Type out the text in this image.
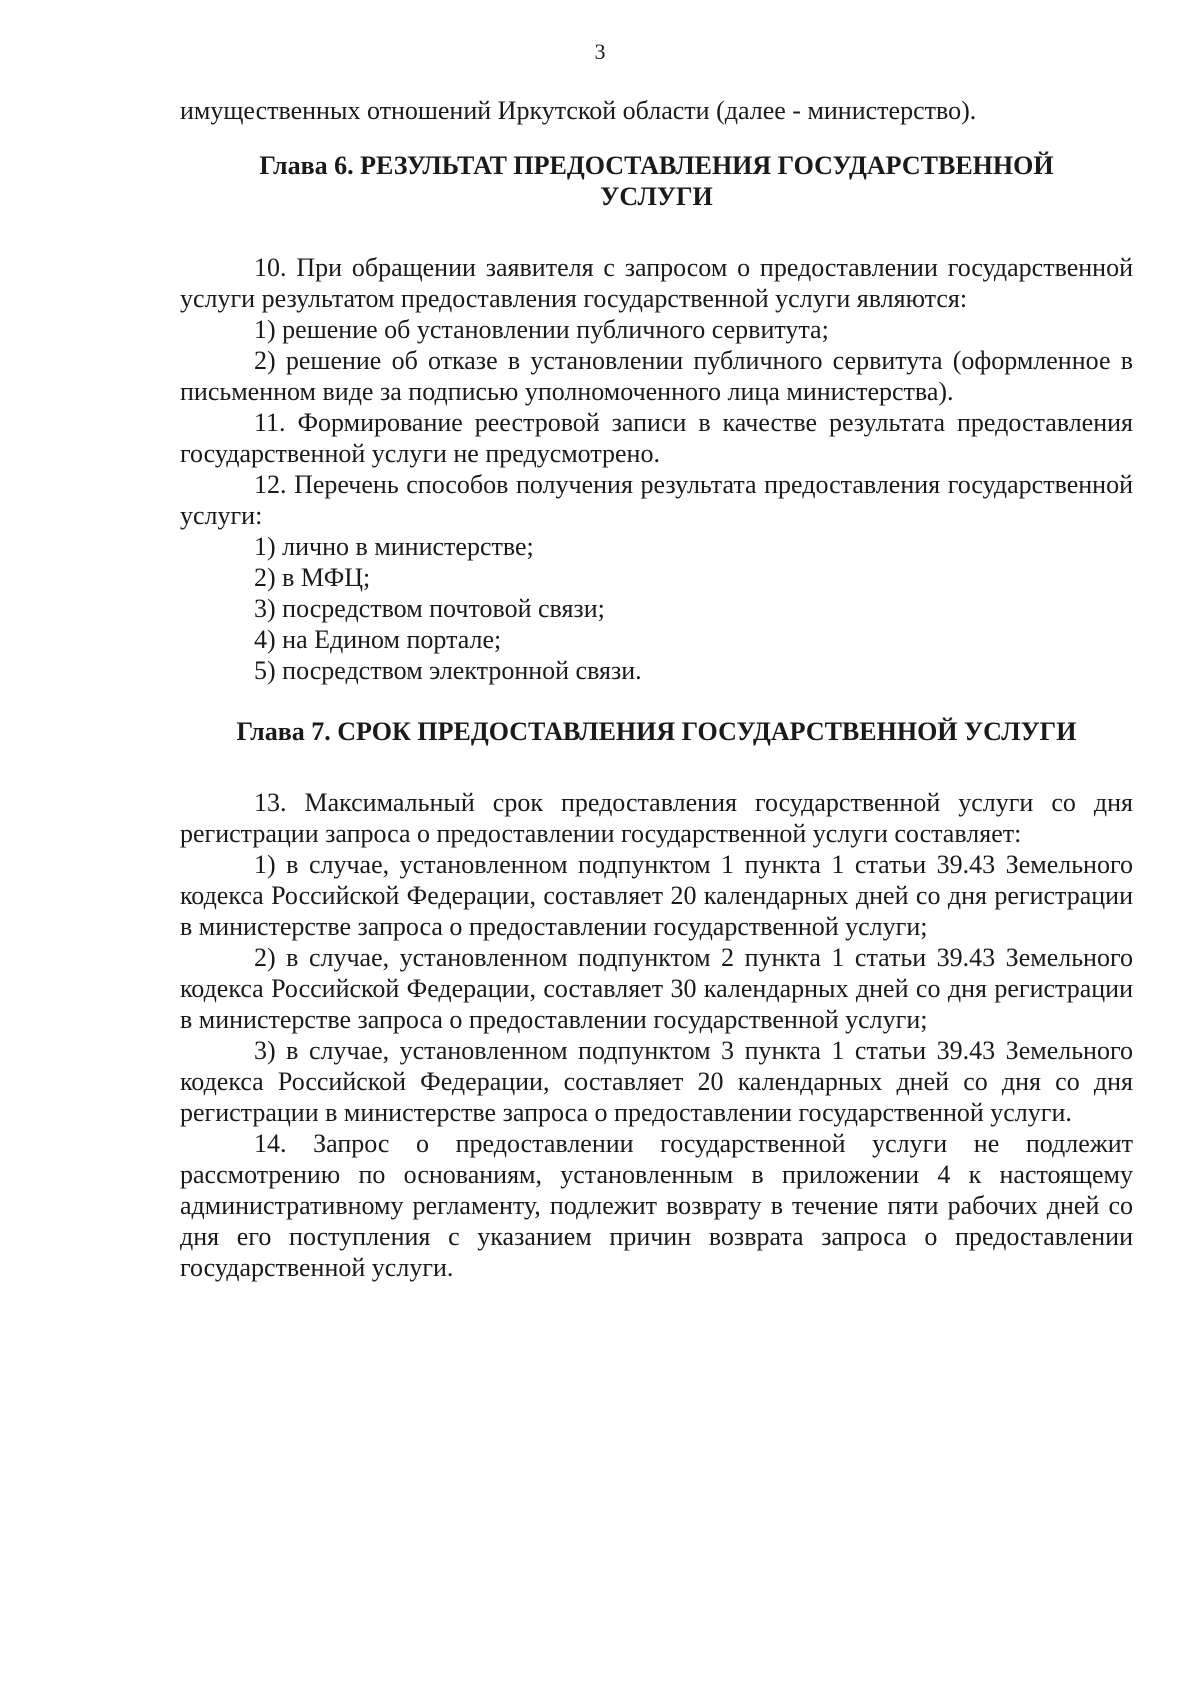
3

имущественных отношений Иркутской области (далее - министерство).

Глава 6. РЕЗУЛЬТАТ ПРЕДОСТАВЛЕНИЯ ГОСУДАРСТВЕННОЙ
УСЛУГИ

10. При обращении заявителя с запросом о предоставлении государственной услуги результатом предоставления государственной услуги являются:

1) решение об установлении публичного сервитута;

2) решение об отказе в установлении публичного сервитута (оформленное в письменном виде за подписью уполномоченного лица министерства).

11. Формирование реестровой записи в качестве результата предоставления государственной услуги не предусмотрено.

12. Перечень способов получения результата предоставления государственной услуги:

1) лично в министерстве;

2) в МФЦ;

3) посредством почтовой связи;

4) на Едином портале;

5) посредством электронной связи.

Глава 7. СРОК ПРЕДОСТАВЛЕНИЯ ГОСУДАРСТВЕННОЙ УСЛУГИ

13. Максимальный срок предоставления государственной услуги со дня регистрации запроса о предоставлении государственной услуги составляет:

1) в случае, установленном подпунктом 1 пункта 1 статьи 39.43 Земельного кодекса Российской Федерации, составляет 20 календарных дней со дня регистрации в министерстве запроса о предоставлении государственной услуги;

2) в случае, установленном подпунктом 2 пункта 1 статьи 39.43 Земельного кодекса Российской Федерации, составляет 30 календарных дней со дня регистрации в министерстве запроса о предоставлении государственной услуги;

3) в случае, установленном подпунктом 3 пункта 1 статьи 39.43 Земельного кодекса Российской Федерации, составляет 20 календарных дней со дня со дня регистрации в министерстве запроса о предоставлении государственной услуги.

14. Запрос о предоставлении государственной услуги не подлежит рассмотрению по основаниям, установленным в приложении 4 к настоящему административному регламенту, подлежит возврату в течение пяти рабочих дней со дня его поступления с указанием причин возврата запроса о предоставлении государственной услуги.
